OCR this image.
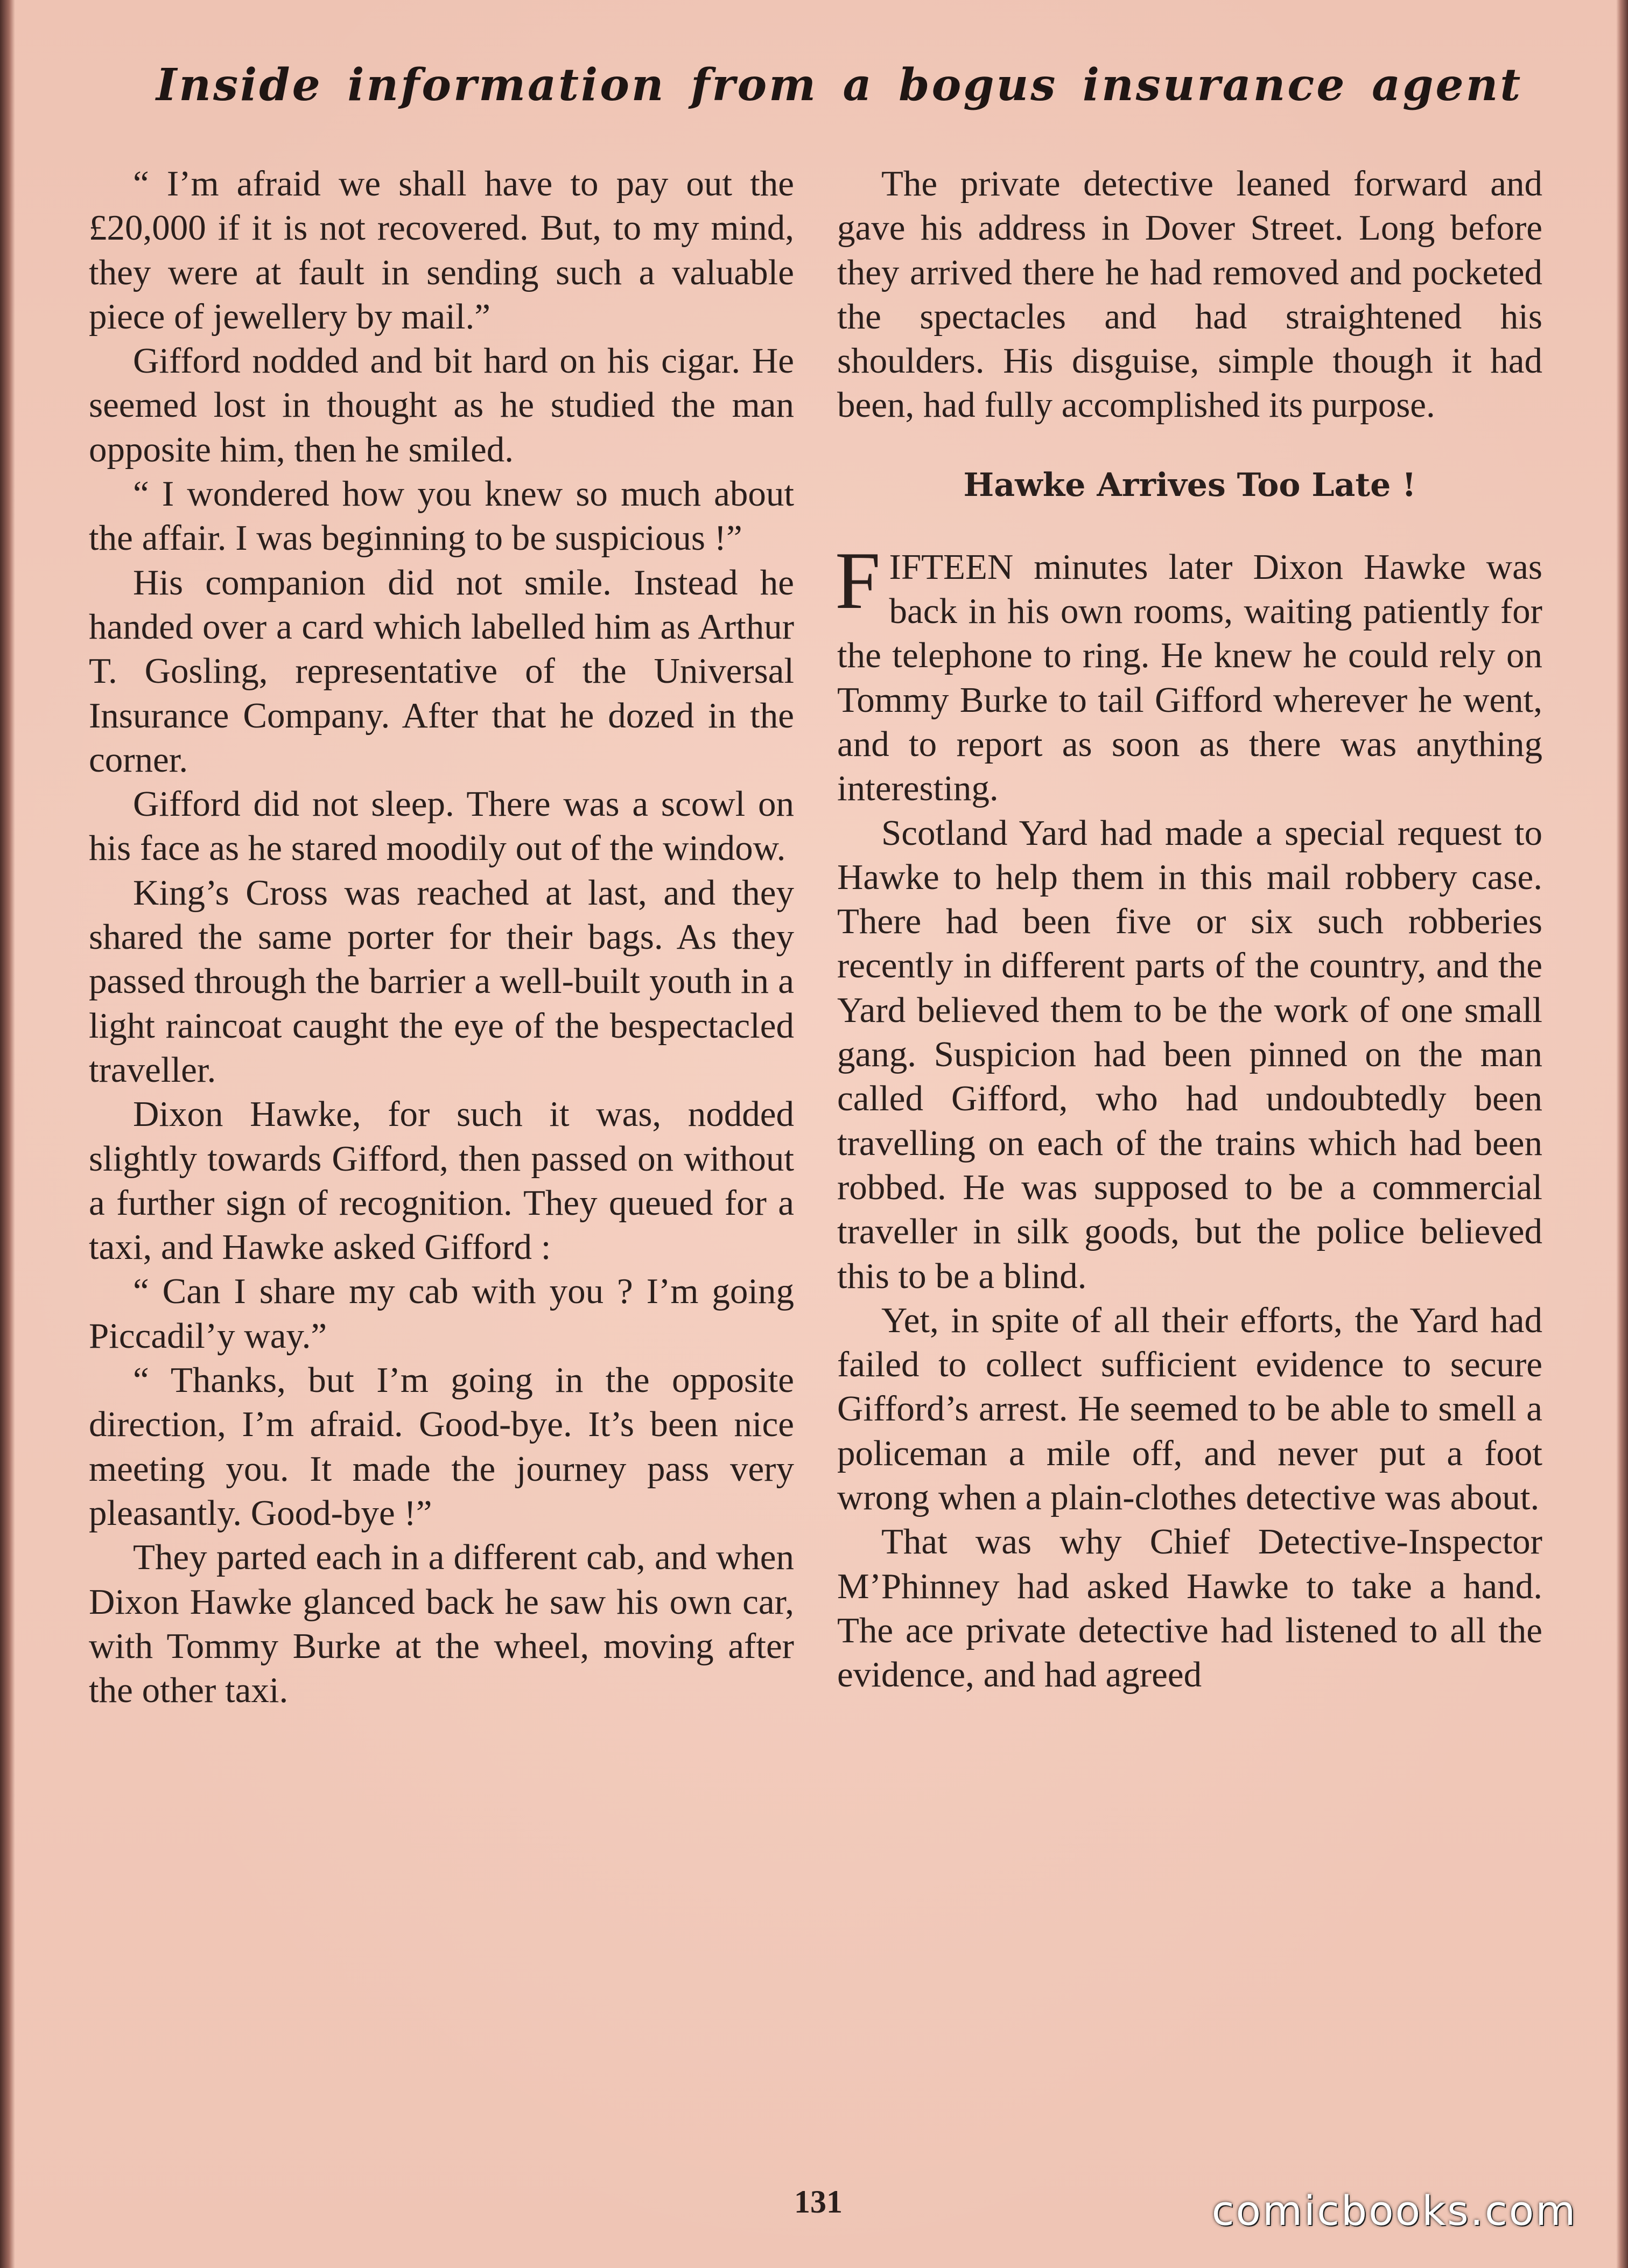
Inside information from a bogus insurance agent

“ I’m afraid we shall have to pay out the £20,000 if it is not recovered. But, to my mind, they were at fault in sending such a valuable piece of jewellery by mail.”

Gifford nodded and bit hard on his cigar. He seemed lost in thought as he studied the man opposite him, then he smiled.

“ I wondered how you knew so much about the affair. I was beginning to be suspicious !”

His companion did not smile. Instead he handed over a card which labelled him as Arthur T. Gosling, representative of the Universal Insurance Company. After that he dozed in the corner.

Gifford did not sleep. There was a scowl on his face as he stared moodily out of the window.

King’s Cross was reached at last, and they shared the same porter for their bags. As they passed through the barrier a well-built youth in a light raincoat caught the eye of the bespectacled traveller.

Dixon Hawke, for such it was, nodded slightly towards Gifford, then passed on without a further sign of recognition. They queued for a taxi, and Hawke asked Gifford :

“ Can I share my cab with you ? I’m going Piccadil’y way.”

“ Thanks, but I’m going in the opposite direction, I’m afraid. Good-bye. It’s been nice meeting you. It made the journey pass very pleasantly. Good-bye !”

They parted each in a different cab, and when Dixon Hawke glanced back he saw his own car, with Tommy Burke at the wheel, moving after the other taxi.

The private detective leaned forward and gave his address in Dover Street. Long before they arrived there he had removed and pocketed the spectacles and had straightened his shoulders. His disguise, simple though it had been, had fully accomplished its purpose.

Hawke Arrives Too Late !

FIFTEEN minutes later Dixon Hawke was back in his own rooms, waiting patiently for the telephone to ring. He knew he could rely on Tommy Burke to tail Gifford wherever he went, and to report as soon as there was anything interesting.

Scotland Yard had made a special request to Hawke to help them in this mail robbery case. There had been five or six such robberies recently in different parts of the country, and the Yard believed them to be the work of one small gang. Suspicion had been pinned on the man called Gifford, who had undoubtedly been travelling on each of the trains which had been robbed. He was supposed to be a commercial traveller in silk goods, but the police believed this to be a blind.

Yet, in spite of all their efforts, the Yard had failed to collect sufficient evidence to secure Gifford’s arrest. He seemed to be able to smell a policeman a mile off, and never put a foot wrong when a plain-clothes detective was about.

That was why Chief Detective-Inspector M’Phinney had asked Hawke to take a hand. The ace private detective had listened to all the evidence, and had agreed

131	comicbooks.com
